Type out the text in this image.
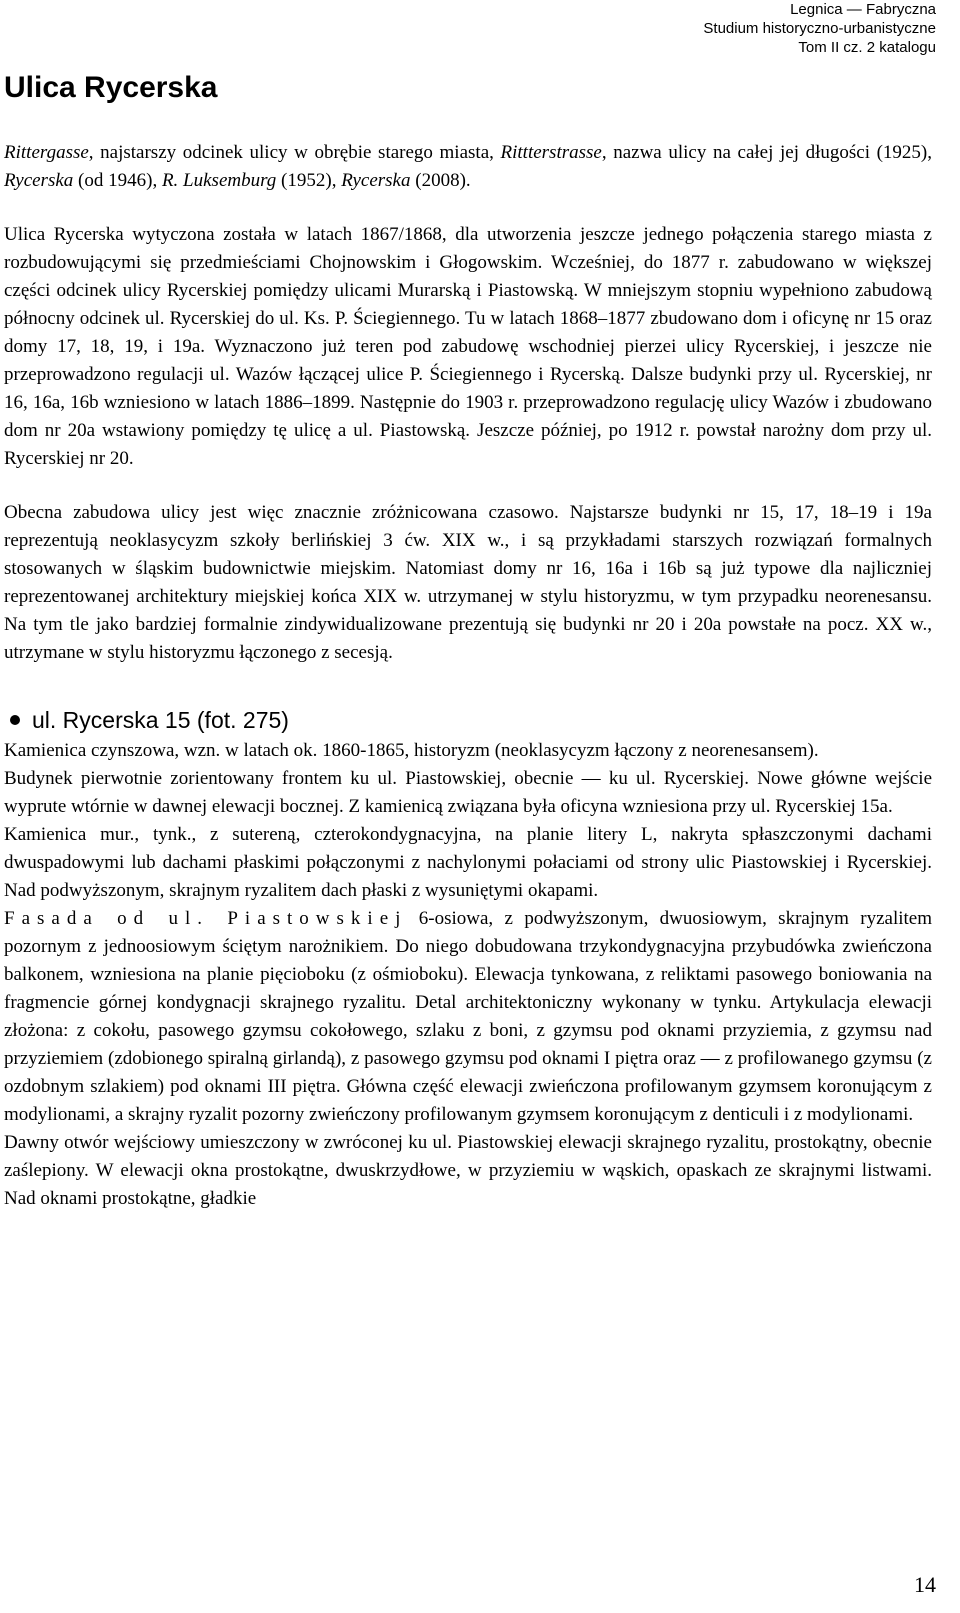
Legnica — Fabryczna
Studium historyczno-urbanistyczne
Tom II cz. 2 katalogu
Ulica Rycerska

Rittergasse, najstarszy odcinek ulicy w obrębie starego miasta, Rittterstrasse, nazwa ulicy na całej jej długości (1925), Rycerska (od 1946), R. Luksemburg (1952), Rycerska (2008).

Ulica Rycerska wytyczona została w latach 1867/1868, dla utworzenia jeszcze jednego połączenia starego miasta z rozbudowującymi się przedmieściami Chojnowskim i Głogowskim. Wcześniej, do 1877 r. zabudowano w większej części odcinek ulicy Rycerskiej pomiędzy ulicami Murarską i Piastowską. W mniejszym stopniu wypełniono zabudową północny odcinek ul. Rycerskiej do ul. Ks. P. Ściegiennego. Tu w latach 1868–1877 zbudowano dom i oficynę nr 15 oraz domy 17, 18, 19, i 19a. Wyznaczono już teren pod zabudowę wschodniej pierzei ulicy Rycerskiej, i jeszcze nie przeprowadzono regulacji ul. Wazów łączącej ulice P. Ściegiennego i Rycerską. Dalsze budynki przy ul. Rycerskiej, nr 16, 16a, 16b wzniesiono w latach 1886–1899. Następnie do 1903 r. przeprowadzono regulację ulicy Wazów i zbudowano dom nr 20a wstawiony pomiędzy tę ulicę a ul. Piastowską. Jeszcze później, po 1912 r. powstał narożny dom przy ul. Rycerskiej nr 20.

Obecna zabudowa ulicy jest więc znacznie zróżnicowana czasowo. Najstarsze budynki nr 15, 17, 18–19 i 19a reprezentują neoklasycyzm szkoły berlińskiej 3 ćw. XIX w., i są przykładami starszych rozwiązań formalnych stosowanych w śląskim budownictwie miejskim. Natomiast domy nr 16, 16a i 16b są już typowe dla najliczniej reprezentowanej architektury miejskiej końca XIX w. utrzymanej w stylu historyzmu, w tym przypadku neorenesansu. Na tym tle jako bardziej formalnie zindywidualizowane prezentują się budynki nr 20 i 20a powstałe na pocz. XX w., utrzymane w stylu historyzmu łączonego z secesją.

ul. Rycerska 15 (fot. 275)

Kamienica czynszowa, wzn. w latach ok. 1860-1865, historyzm (neoklasycyzm łączony z neorenesansem).

Budynek pierwotnie zorientowany frontem ku ul. Piastowskiej, obecnie — ku ul. Rycerskiej. Nowe główne wejście wyprute wtórnie w dawnej elewacji bocznej. Z kamienicą związana była oficyna wzniesiona przy ul. Rycerskiej 15a.

Kamienica mur., tynk., z sutereną, czterokondygnacyjna, na planie litery L, nakryta spłaszczonymi dachami dwuspadowymi lub dachami płaskimi połączonymi z nachylonymi połaciami od strony ulic Piastowskiej i Rycerskiej. Nad podwyższonym, skrajnym ryzalitem dach płaski z wysuniętymi okapami.

Fasada od ul. Piastowskiej 6-osiowa, z podwyższonym, dwuosiowym, skrajnym ryzalitem pozornym z jednoosiowym ściętym narożnikiem. Do niego dobudowana trzykondygnacyjna przybudówka zwieńczona balkonem, wzniesiona na planie pięcioboku (z ośmioboku). Elewacja tynkowana, z reliktami pasowego boniowania na fragmencie górnej kondygnacji skrajnego ryzalitu. Detal architektoniczny wykonany w tynku. Artykulacja elewacji złożona: z cokołu, pasowego gzymsu cokołowego, szlaku z boni, z gzymsu pod oknami przyziemia, z gzymsu nad przyziemiem (zdobionego spiralną girlandą), z pasowego gzymsu pod oknami I piętra oraz — z profilowanego gzymsu (z ozdobnym szlakiem) pod oknami III piętra. Główna część elewacji zwieńczona profilowanym gzymsem koronującym z modylionami, a skrajny ryzalit pozorny zwieńczony profilowanym gzymsem koronującym z denticuli i z modylionami.

Dawny otwór wejściowy umieszczony w zwróconej ku ul. Piastowskiej elewacji skrajnego ryzalitu, prostokątny, obecnie zaślepiony. W elewacji okna prostokątne, dwuskrzydłowe, w przyziemiu w wąskich, opaskach ze skrajnymi listwami. Nad oknami prostokątne, gładkie

14
